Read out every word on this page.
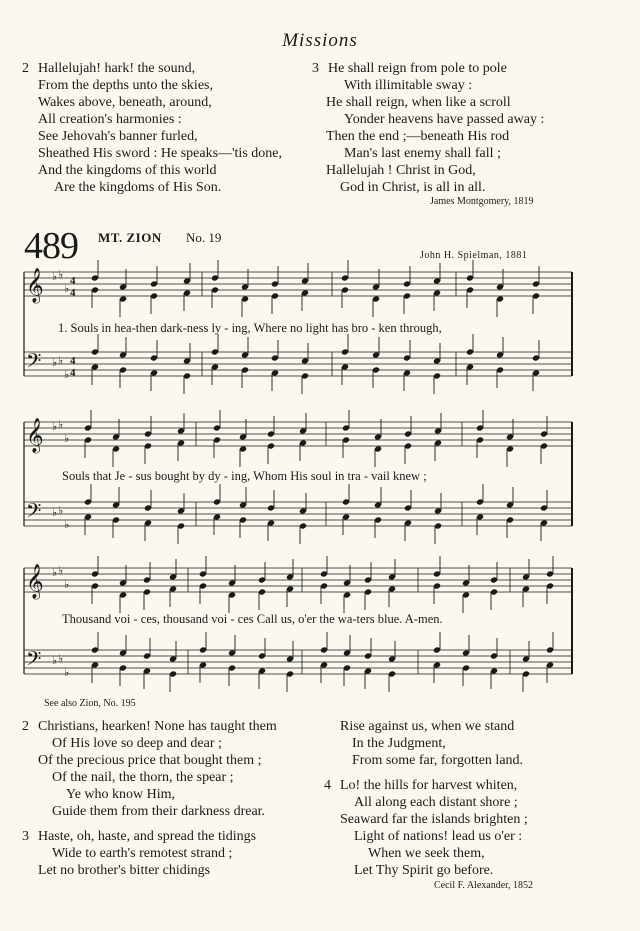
Missions
2 Hallelujah! hark! the sound,
From the depths unto the skies,
Wakes above, beneath, around,
All creation's harmonies :
See Jehovah's banner furled,
Sheathed His sword : He speaks—'tis done,
And the kingdoms of this world
Are the kingdoms of His Son.
3 He shall reign from pole to pole
With illimitable sway :
He shall reign, when like a scroll
Yonder heavens have passed away :
Then the end ;—beneath His rod
Man's last enemy shall fall ;
Hallelujah ! Christ in God,
God in Christ, is all in all.
James Montgomery, 1819
489 MT. ZION No. 19
John H. Spielman, 1881
𝄞
𝄢
♭
♭
♭
♭
♭
♭
4
4
4
4
𝄞
𝄢
♭
♭
♭
♭
♭
♭
𝄞
𝄢
♭
♭
♭
♭
♭
♭
1. Souls in hea-then dark-ness ly - ing, Where no light has bro - ken through,
Souls that Je - sus bought by dy - ing, Whom His soul in tra - vail knew ;
Thousand voi - ces, thousand voi - ces Call us, o'er the wa-ters blue. A-men.
See also Zion, No. 195
2 Christians, hearken! None has taught them
Of His love so deep and dear ;
Of the precious price that bought them ;
Of the nail, the thorn, the spear ;
Ye who know Him,
Guide them from their darkness drear.
3 Haste, oh, haste, and spread the tidings
Wide to earth's remotest strand ;
Let no brother's bitter chidings
Rise against us, when we stand
In the Judgment,
From some far, forgotten land.
4 Lo! the hills for harvest whiten,
All along each distant shore ;
Seaward far the islands brighten ;
Light of nations! lead us o'er :
When we seek them,
Let Thy Spirit go before.
Cecil F. Alexander, 1852
